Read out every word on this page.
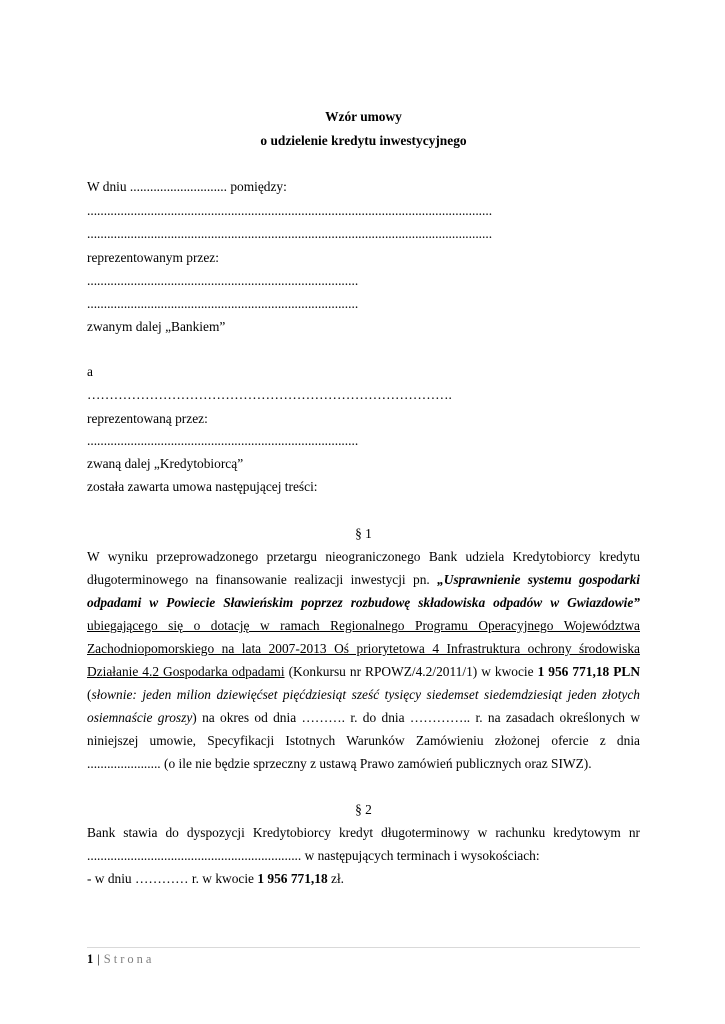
Wzór umowy
o udzielenie kredytu inwestycyjnego
W dniu ............................. pomiędzy:
.........................................................................................................................
.........................................................................................................................
reprezentowanym przez:
.................................................................................
.................................................................................
zwanym dalej „Bankiem”
a
……………………………………………………………………….
reprezentowaną przez:
.................................................................................
zwaną dalej „Kredytobiorcą”
została zawarta umowa następującej treści:
§ 1
W wyniku przeprowadzonego przetargu nieograniczonego Bank udziela Kredytobiorcy kredytu
długoterminowego na finansowanie realizacji inwestycji pn. „Usprawnienie systemu gospodarki
odpadami w Powiecie Sławieńskim poprzez rozbudowę składowiska odpadów w Gwiazdowie”
ubiegającego się o dotację w ramach Regionalnego Programu Operacyjnego Województwa
Zachodniopomorskiego na lata 2007-2013 Oś priorytetowa 4 Infrastruktura ochrony środowiska
Działanie 4.2 Gospodarka odpadami (Konkursu nr RPOWZ/4.2/2011/1) w kwocie 1 956 771,18 PLN
(słownie: jeden milion dziewięćset pięćdziesiąt sześć tysięcy siedemset siedemdziesiąt jeden złotych
osiemnaście groszy) na okres od dnia ………. r. do dnia ………….. r. na zasadach określonych w
niniejszej umowie, Specyfikacji Istotnych Warunków Zamówieniu złożonej ofercie z dnia
...................... (o ile nie będzie sprzeczny z ustawą Prawo zamówień publicznych oraz SIWZ).
§ 2
Bank stawia do dyspozycji Kredytobiorcy kredyt długoterminowy w rachunku kredytowym nr
................................................................ w następujących terminach i wysokościach:
- w dniu ………… r. w kwocie 1 956 771,18 zł.
1 | Strona
